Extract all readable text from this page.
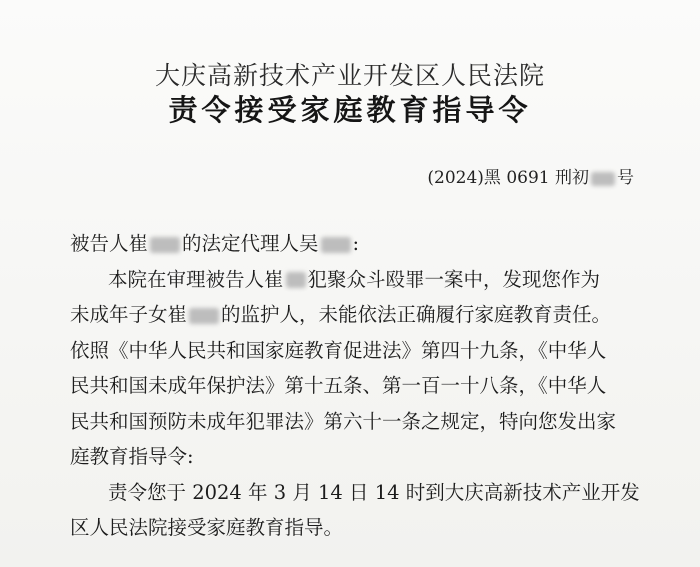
大庆高新技术产业开发区人民法院
责令接受家庭教育指导令
(2024)黑 0691 刑初 号
被告人崔 的法定代理人吴 :
本院在审理被告人崔 犯聚众斗殴罪一案中，发现您作为
未成年子女崔 的监护人，未能依法正确履行家庭教育责任。
依照《中华人民共和国家庭教育促进法》第四十九条，《中华人
民共和国未成年保护法》第十五条、第一百一十八条，《中华人
民共和国预防未成年犯罪法》第六十一条之规定，特向您发出家
庭教育指导令:
责令您于 2024 年 3 月 14 日 14 时到大庆高新技术产业开发
区人民法院接受家庭教育指导。
